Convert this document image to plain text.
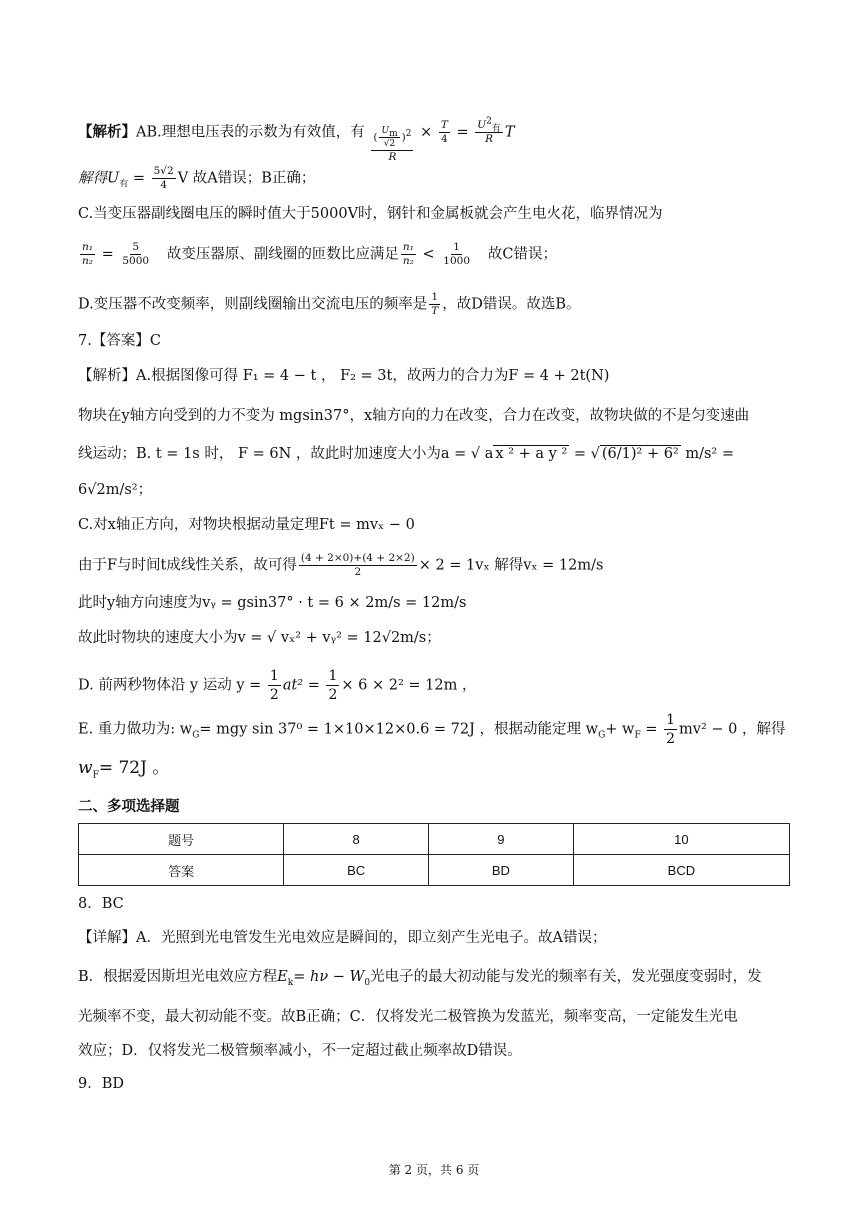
【解析】AB.理想电压表的示数为有效值，有 $\frac{( \frac{U_m}{√2} )^2}{R} \times \frac{T}{4} = \frac{U^2_有}{R}$ T
解得$U_有 = \frac{5√2}{4}$ V 故A错误；B正确；
C.当变压器副线圈电压的瞬时值大于5000V时，钢针和金属板就会产生电火花，临界情况为
$\frac{\text{n₁}}{\text{n₂}} = \frac{5}{5000}$ 故变压器原、副线圈的匝数比应满足 $\frac{\text{n₁}}{\text{n₂}} < \frac{1}{1000}$ 故C错误；
D.变压器不改变频率，则副线圈输出交流电压的频率是 $\frac{1}{T}$ ，故D错误。故选B。
7.【答案】C
【解析】A.根据图像可得 F₁ = 4 − t ， F₂ = 3t，故两力的合力为F = 4 + 2t(N)
物块在y轴方向受到的力不变为 mgsin37°，x轴方向的力在改变，合力在改变，故物块做的不是匀变速曲
线运动；B. t = 1s 时， F = 6N ，故此时加速度大小为a = √ a x ² + a y ² = √ (6/1)² + 6² m/s² =
6√2m/s²；
C.对x轴正方向，对物块根据动量定理Ft = mvₓ − 0
由于F与时间t成线性关系，故可得 $\frac{(4 + 2\times 0)+(4 + 2\times 2)}{2} \times 2 = 1v_x$ 解得vₓ = 12m/s
此时y轴方向速度为vᵧ = gsin37° · t = 6 × 2m/s = 12m/s
故此时物块的速度大小为v = √ vₓ² + vᵧ² = 12√2m/s；
D. 前两秒物体沿 y 运动 $y = \frac{1}{2} at^2 = \frac{1}{2} \times 6 \times 2^2 = 12m$ ，
E. 重力做功为: $w_G=$ mgy sin 37⁰ = 1×10×12×0.6 = 72J ，根据动能定理 $w_G+ w_F = \frac{1}{2} mv^2 - 0$ ，解得
$w_F= 72J$ 。
二、多项选择题
题号	8	9	10
答案	BC	BD	BCD
8．BC
【详解】A．光照到光电管发生光电效应是瞬间的，即立刻产生光电子。故A错误；
B．根据爱因斯坦光电效应方程$E_k= h\nu - W_0$光电子的最大初动能与发光的频率有关，发光强度变弱时，发
光频率不变，最大初动能不变。故B正确；C．仅将发光二极管换为发蓝光，频率变高，一定能发生光电
效应；D．仅将发光二极管频率减小，不一定超过截止频率故D错误。
9．BD
第 2 页，共 6 页
